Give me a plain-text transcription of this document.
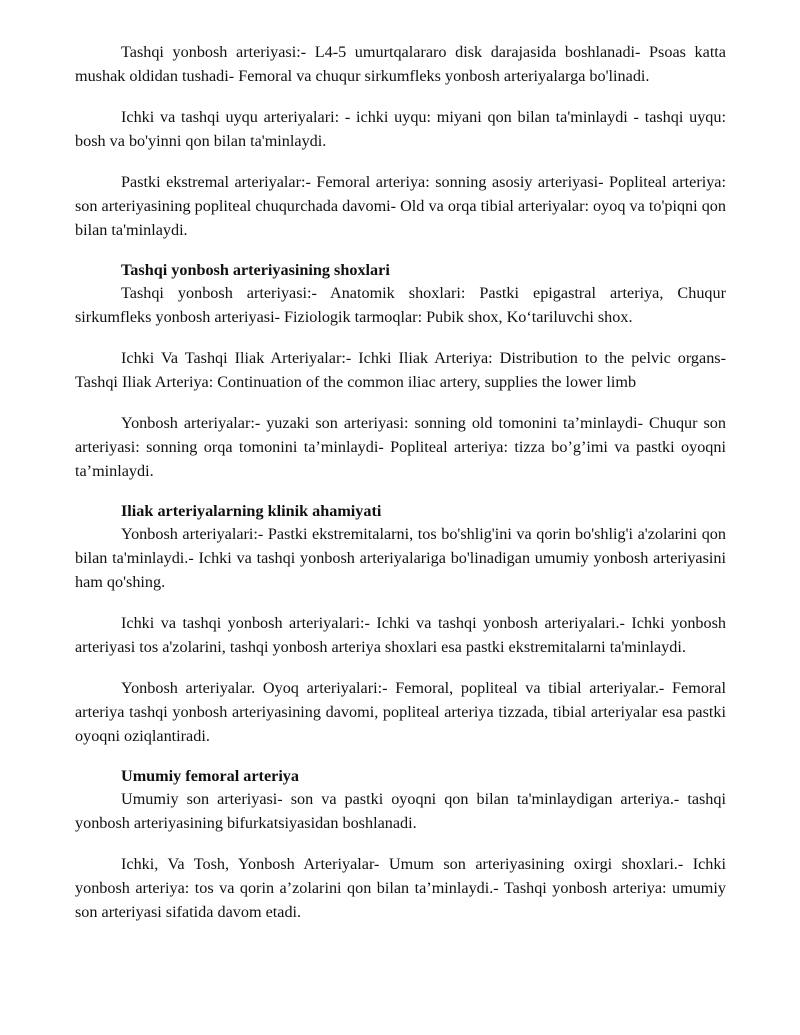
Tashqi yonbosh arteriyasi:- L4-5 umurtqalararo disk darajasida boshlanadi- Psoas katta mushak oldidan tushadi- Femoral va chuqur sirkumfleks yonbosh arteriyalarga bo'linadi.

Ichki va tashqi uyqu arteriyalari: - ichki uyqu: miyani qon bilan ta'minlaydi - tashqi uyqu: bosh va bo'yinni qon bilan ta'minlaydi.

Pastki ekstremal arteriyalar:- Femoral arteriya: sonning asosiy arteriyasi- Popliteal arteriya: son arteriyasining popliteal chuqurchada davomi- Old va orqa tibial arteriyalar: oyoq va to'piqni qon bilan ta'minlaydi.

Tashqi yonbosh arteriyasining shoxlari

Tashqi yonbosh arteriyasi:- Anatomik shoxlari: Pastki epigastral arteriya, Chuqur sirkumfleks yonbosh arteriyasi- Fiziologik tarmoqlar: Pubik shox, Ko‘tariluvchi shox.

Ichki Va Tashqi Iliak Arteriyalar:- Ichki Iliak Arteriya: Distribution to the pelvic organs- Tashqi Iliak Arteriya: Continuation of the common iliac artery, supplies the lower limb

Yonbosh arteriyalar:- yuzaki son arteriyasi: sonning old tomonini ta’minlaydi- Chuqur son arteriyasi: sonning orqa tomonini ta’minlaydi- Popliteal arteriya: tizza bo’g’imi va pastki oyoqni ta’minlaydi.

Iliak arteriyalarning klinik ahamiyati

Yonbosh arteriyalari:- Pastki ekstremitalarni, tos bo'shlig'ini va qorin bo'shlig'i a'zolarini qon bilan ta'minlaydi.- Ichki va tashqi yonbosh arteriyalariga bo'linadigan umumiy yonbosh arteriyasini ham qo'shing.

Ichki va tashqi yonbosh arteriyalari:- Ichki va tashqi yonbosh arteriyalari.- Ichki yonbosh arteriyasi tos a'zolarini, tashqi yonbosh arteriya shoxlari esa pastki ekstremitalarni ta'minlaydi.

Yonbosh arteriyalar. Oyoq arteriyalari:- Femoral, popliteal va tibial arteriyalar.- Femoral arteriya tashqi yonbosh arteriyasining davomi, popliteal arteriya tizzada, tibial arteriyalar esa pastki oyoqni oziqlantiradi.

Umumiy femoral arteriya

Umumiy son arteriyasi- son va pastki oyoqni qon bilan ta'minlaydigan arteriya.- tashqi yonbosh arteriyasining bifurkatsiyasidan boshlanadi.

Ichki, Va Tosh, Yonbosh Arteriyalar- Umum son arteriyasining oxirgi shoxlari.- Ichki yonbosh arteriya: tos va qorin a’zolarini qon bilan ta’minlaydi.- Tashqi yonbosh arteriya: umumiy son arteriyasi sifatida davom etadi.
